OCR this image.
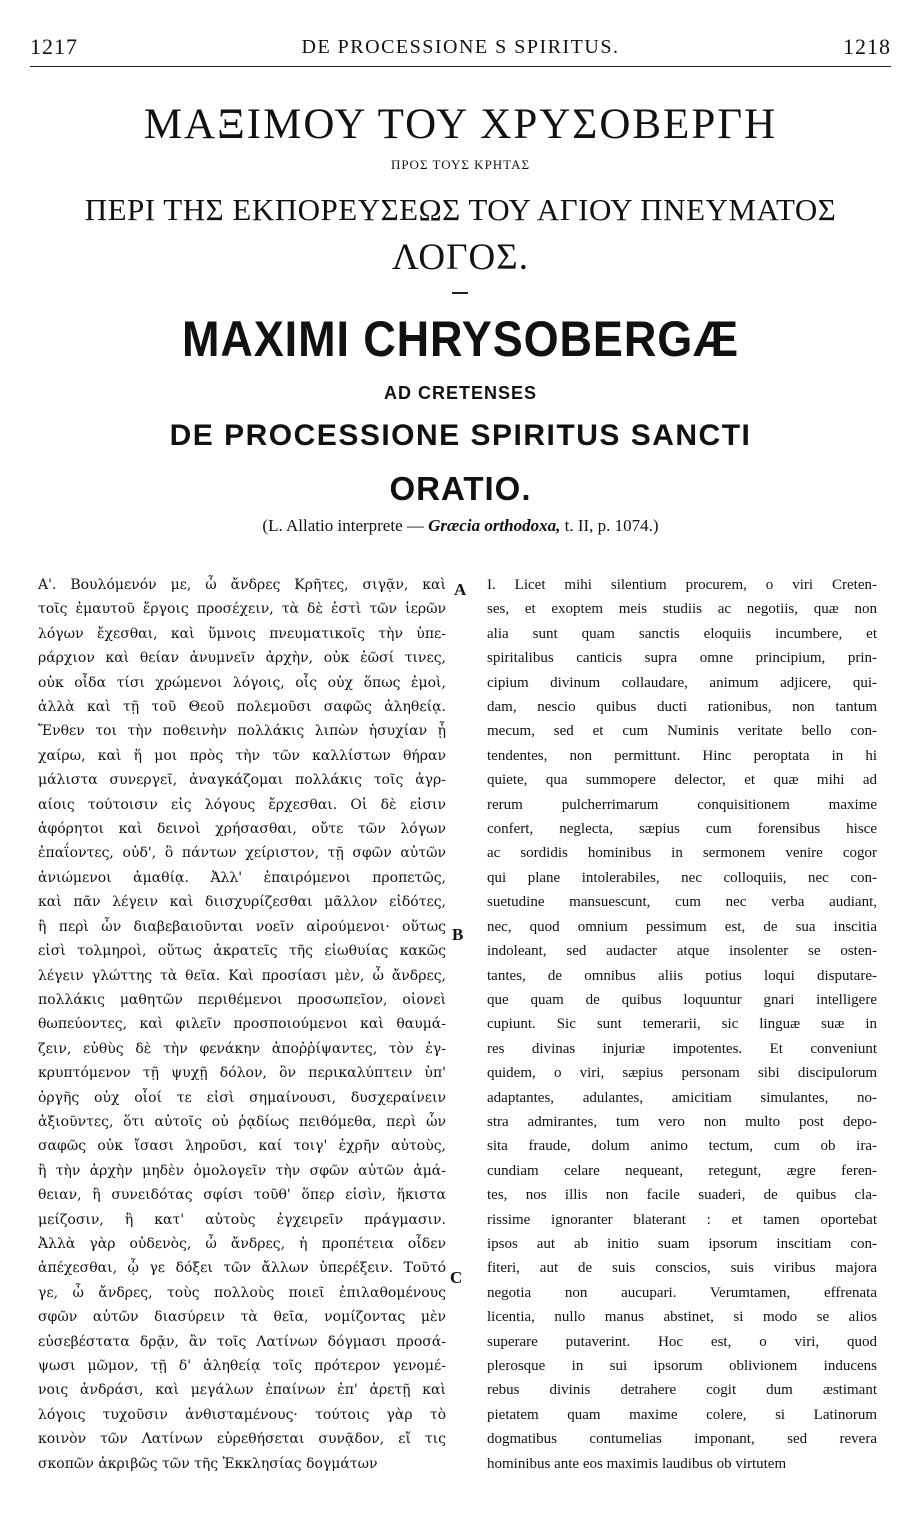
1217	DE PROCESSIONE S SPIRITUS.	1218
ΜΑΞΙΜΟΥ ΤΟΥ ΧΡΥΣΟΒΕΡΓΗ
ΠΡΟΣ ΤΟΥΣ ΚΡΗΤΑΣ
ΠΕΡΙ ΤΗΣ ΕΚΠΟΡΕΥΣΕΩΣ ΤΟΥ ΑΓΙΟΥ ΠΝΕΥΜΑΤΟΣ
ΛΟΓΟΣ.
MAXIMI CHRYSOBERGÆ
AD CRETENSES
DE PROCESSIONE SPIRITUS SANCTI
ORATIO.
(L. Allatio interprete — Græcia orthodoxa, t. II, p. 1074.)
Α'. Βουλόμενόν με, ὦ ἄνδρες Κρῆτες, σιγᾷν, καὶ
τοῖς ἐμαυτοῦ ἔργοις προσέχειν, τὰ δὲ ἐστὶ τῶν ἱερῶν
λόγων ἔχεσθαι, καὶ ὕμνοις πνευματικοῖς τὴν ὑπε-
ράρχιον καὶ θείαν ἀνυμνεῖν ἀρχὴν, οὐκ ἐῶσί τινες,
οὐκ οἶδα τίσι χρώμενοι λόγοις, οἷς οὐχ ὅπως ἐμοὶ,
ἀλλὰ καὶ τῇ τοῦ Θεοῦ πολεμοῦσι σαφῶς ἀληθείᾳ.
Ἔνθεν τοι τὴν ποθεινὴν πολλάκις λιπὼν ἡσυχίαν ᾗ
χαίρω, καὶ ἥ μοι πρὸς τὴν τῶν καλλίστων θήραν
μάλιστα συνεργεῖ, ἀναγκάζομαι πολλάκις τοῖς ἀγρ-
αίοις τούτοισιν εἰς λόγους ἔρχεσθαι. Οἱ δὲ εἰσιν
ἀφόρητοι καὶ δεινοὶ χρήσασθαι, οὔτε τῶν λόγων
ἐπαΐοντες, οὐδ', ὃ πάντων χείριστον, τῇ σφῶν αὐτῶν
ἀνιώμενοι ἀμαθίᾳ. Ἀλλ' ἐπαιρόμενοι προπετῶς,
καὶ πᾶν λέγειν καὶ διισχυρίζεσθαι μᾶλλον εἰδότες,
ἢ περὶ ὧν διαβεβαιοῦνται νοεῖν αἰρούμενοι· οὕτως
εἰσὶ τολμηροὶ, οὕτως ἀκρατεῖς τῆς εἰωθυίας κακῶς
λέγειν γλώττης τὰ θεῖα. Καὶ προσίασι μὲν, ὦ ἄνδρες,
πολλάκις μαθητῶν περιθέμενοι προσωπεῖον, οἱονεὶ
θωπεύοντες, καὶ φιλεῖν προσποιούμενοι καὶ θαυμά-
ζειν, εὐθὺς δὲ τὴν φενάκην ἀποῤῥίψαντες, τὸν ἐγ-
κρυπτόμενον τῇ ψυχῇ δόλον, ὃν περικαλύπτειν ὑπ'
ὀργῆς οὐχ οἷοί τε εἰσὶ σημαίνουσι, δυσχεραίνειν
ἀξιοῦντες, ὅτι αὐτοῖς οὐ ῥᾳδίως πειθόμεθα, περὶ ὧν
σαφῶς οὐκ ἴσασι ληροῦσι, καί τοιγ' ἐχρῆν αὐτοὺς,
ἢ τὴν ἀρχὴν μηδὲν ὁμολογεῖν τὴν σφῶν αὐτῶν ἀμά-
θειαν, ἢ συνειδότας σφίσι τοῦθ' ὅπερ εἰσὶν, ἥκιστα
μείζοσιν, ἢ κατ' αὐτοὺς ἐγχειρεῖν πράγμασιν.
Ἀλλὰ γὰρ οὐδενὸς, ὦ ἄνδρες, ἡ προπέτεια οἶδεν
ἀπέχεσθαι, ᾧ γε δόξει τῶν ἄλλων ὑπερέξειν. Τοῦτό
γε, ὦ ἄνδρες, τοὺς πολλοὺς ποιεῖ ἐπιλαθομένους
σφῶν αὐτῶν διασύρειν τὰ θεῖα, νομίζοντας μὲν
εὐσεβέστατα δρᾷν, ἂν τοῖς Λατίνων δόγμασι προσά-
ψωσι μῶμον, τῇ δ' ἀληθείᾳ τοῖς πρότερον γενομέ-
νοις ἀνδράσι, καὶ μεγάλων ἐπαίνων ἐπ' ἀρετῇ καὶ
λόγοις τυχοῦσιν ἀνθισταμένους· τούτοις γὰρ τὸ
κοινὸν τῶν Λατίνων εὑρεθήσεται συνᾷδον, εἴ τις
σκοπῶν ἀκριβῶς τῶν τῆς Ἐκκλησίας δογμάτων
I. Licet mihi silentium procurem, o viri Creten-
ses, et exoptem meis studiis ac negotiis, quæ non
alia sunt quam sanctis eloquiis incumbere, et
spiritalibus canticis supra omne principium, prin-
cipium divinum collaudare, animum adjicere, qui-
dam, nescio quibus ducti rationibus, non tantum
mecum, sed et cum Numinis veritate bello con-
tendentes, non permittunt. Hinc peroptata in hi
quiete, qua summopere delector, et quæ mihi ad
rerum pulcherrimarum conquisitionem maxime
confert, neglecta, sæpius cum forensibus hisce
ac sordidis hominibus in sermonem venire cogor
qui plane intolerabiles, nec colloquiis, nec con-
suetudine mansuescunt, cum nec verba audiant,
nec, quod omnium pessimum est, de sua inscitia
indoleant, sed audacter atque insolenter se osten-
tantes, de omnibus aliis potius loqui disputare-
que quam de quibus loquuntur gnari intelligere
cupiunt. Sic sunt temerarii, sic linguæ suæ in
res divinas injuriæ impotentes. Et conveniunt
quidem, o viri, sæpius personam sibi discipulorum
adaptantes, adulantes, amicitiam simulantes, no-
stra admirantes, tum vero non multo post depo-
sita fraude, dolum animo tectum, cum ob ira-
cundiam celare nequeant, retegunt, ægre feren-
tes, nos illis non facile suaderi, de quibus cla-
rissime ignoranter blaterant : et tamen oportebat
ipsos aut ab initio suam ipsorum inscitiam con-
fiteri, aut de suis conscios, suis viribus majora
negotia non aucupari. Verumtamen, effrenata
licentia, nullo manus abstinet, si modo se alios
superare putaverint. Hoc est, o viri, quod
plerosque in sui ipsorum oblivionem inducens
rebus divinis detrahere cogit dum æstimant
pietatem quam maxime colere, si Latinorum
dogmatibus contumelias imponant, sed revera
hominibus ante eos maximis laudibus ob virtutem
A
B
C
